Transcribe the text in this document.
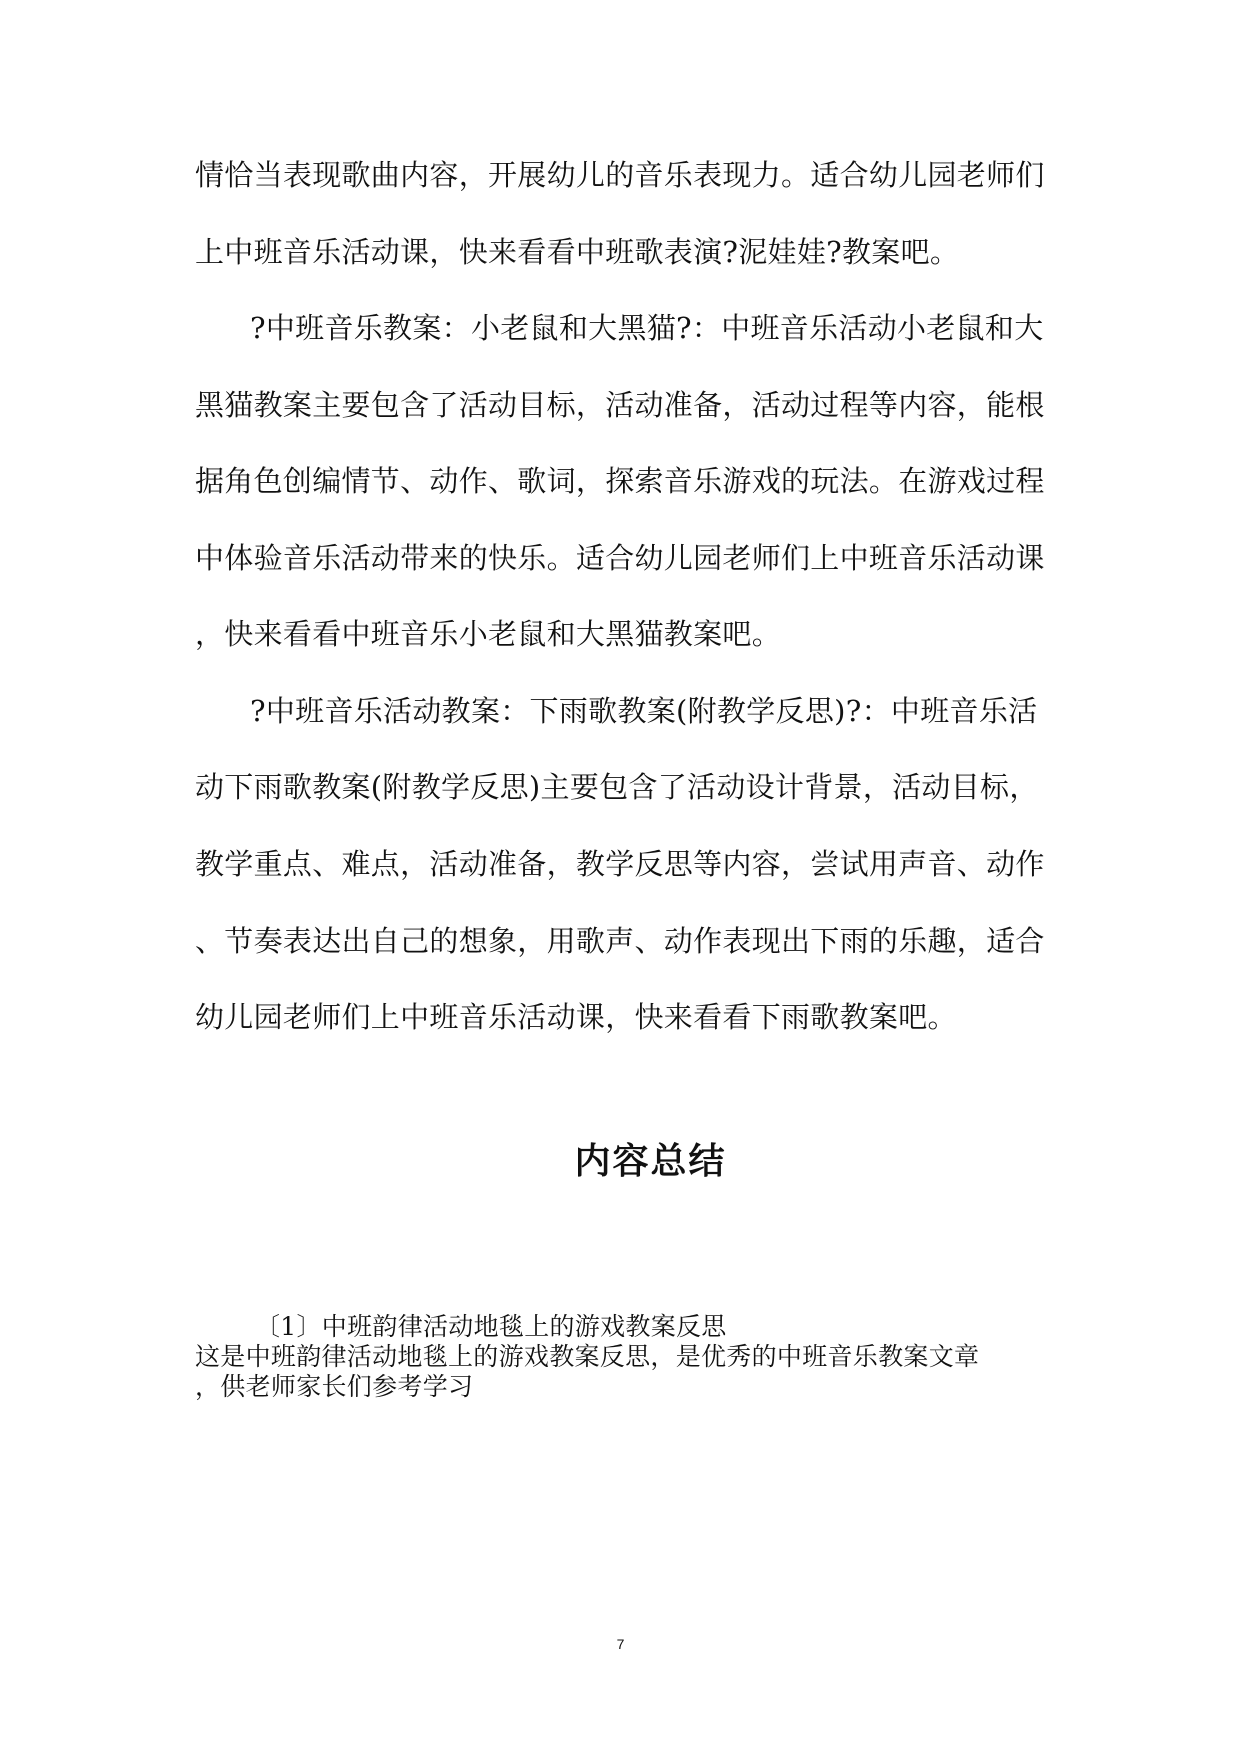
情恰当表现歌曲内容，开展幼儿的音乐表现力。适合幼儿园老师们
上中班音乐活动课，快来看看中班歌表演?泥娃娃?教案吧。
?中班音乐教案：小老鼠和大黑猫?：中班音乐活动小老鼠和大
黑猫教案主要包含了活动目标，活动准备，活动过程等内容，能根
据角色创编情节、动作、歌词，探索音乐游戏的玩法。在游戏过程
中体验音乐活动带来的快乐。适合幼儿园老师们上中班音乐活动课
，快来看看中班音乐小老鼠和大黑猫教案吧。
?中班音乐活动教案：下雨歌教案(附教学反思)?：中班音乐活
动下雨歌教案(附教学反思)主要包含了活动设计背景，活动目标，
教学重点、难点，活动准备，教学反思等内容，尝试用声音、动作
、节奏表达出自己的想象，用歌声、动作表现出下雨的乐趣，适合
幼儿园老师们上中班音乐活动课，快来看看下雨歌教案吧。
内容总结
〔1〕中班韵律活动地毯上的游戏教案反思
这是中班韵律活动地毯上的游戏教案反思，是优秀的中班音乐教案文章
，供老师家长们参考学习
7
